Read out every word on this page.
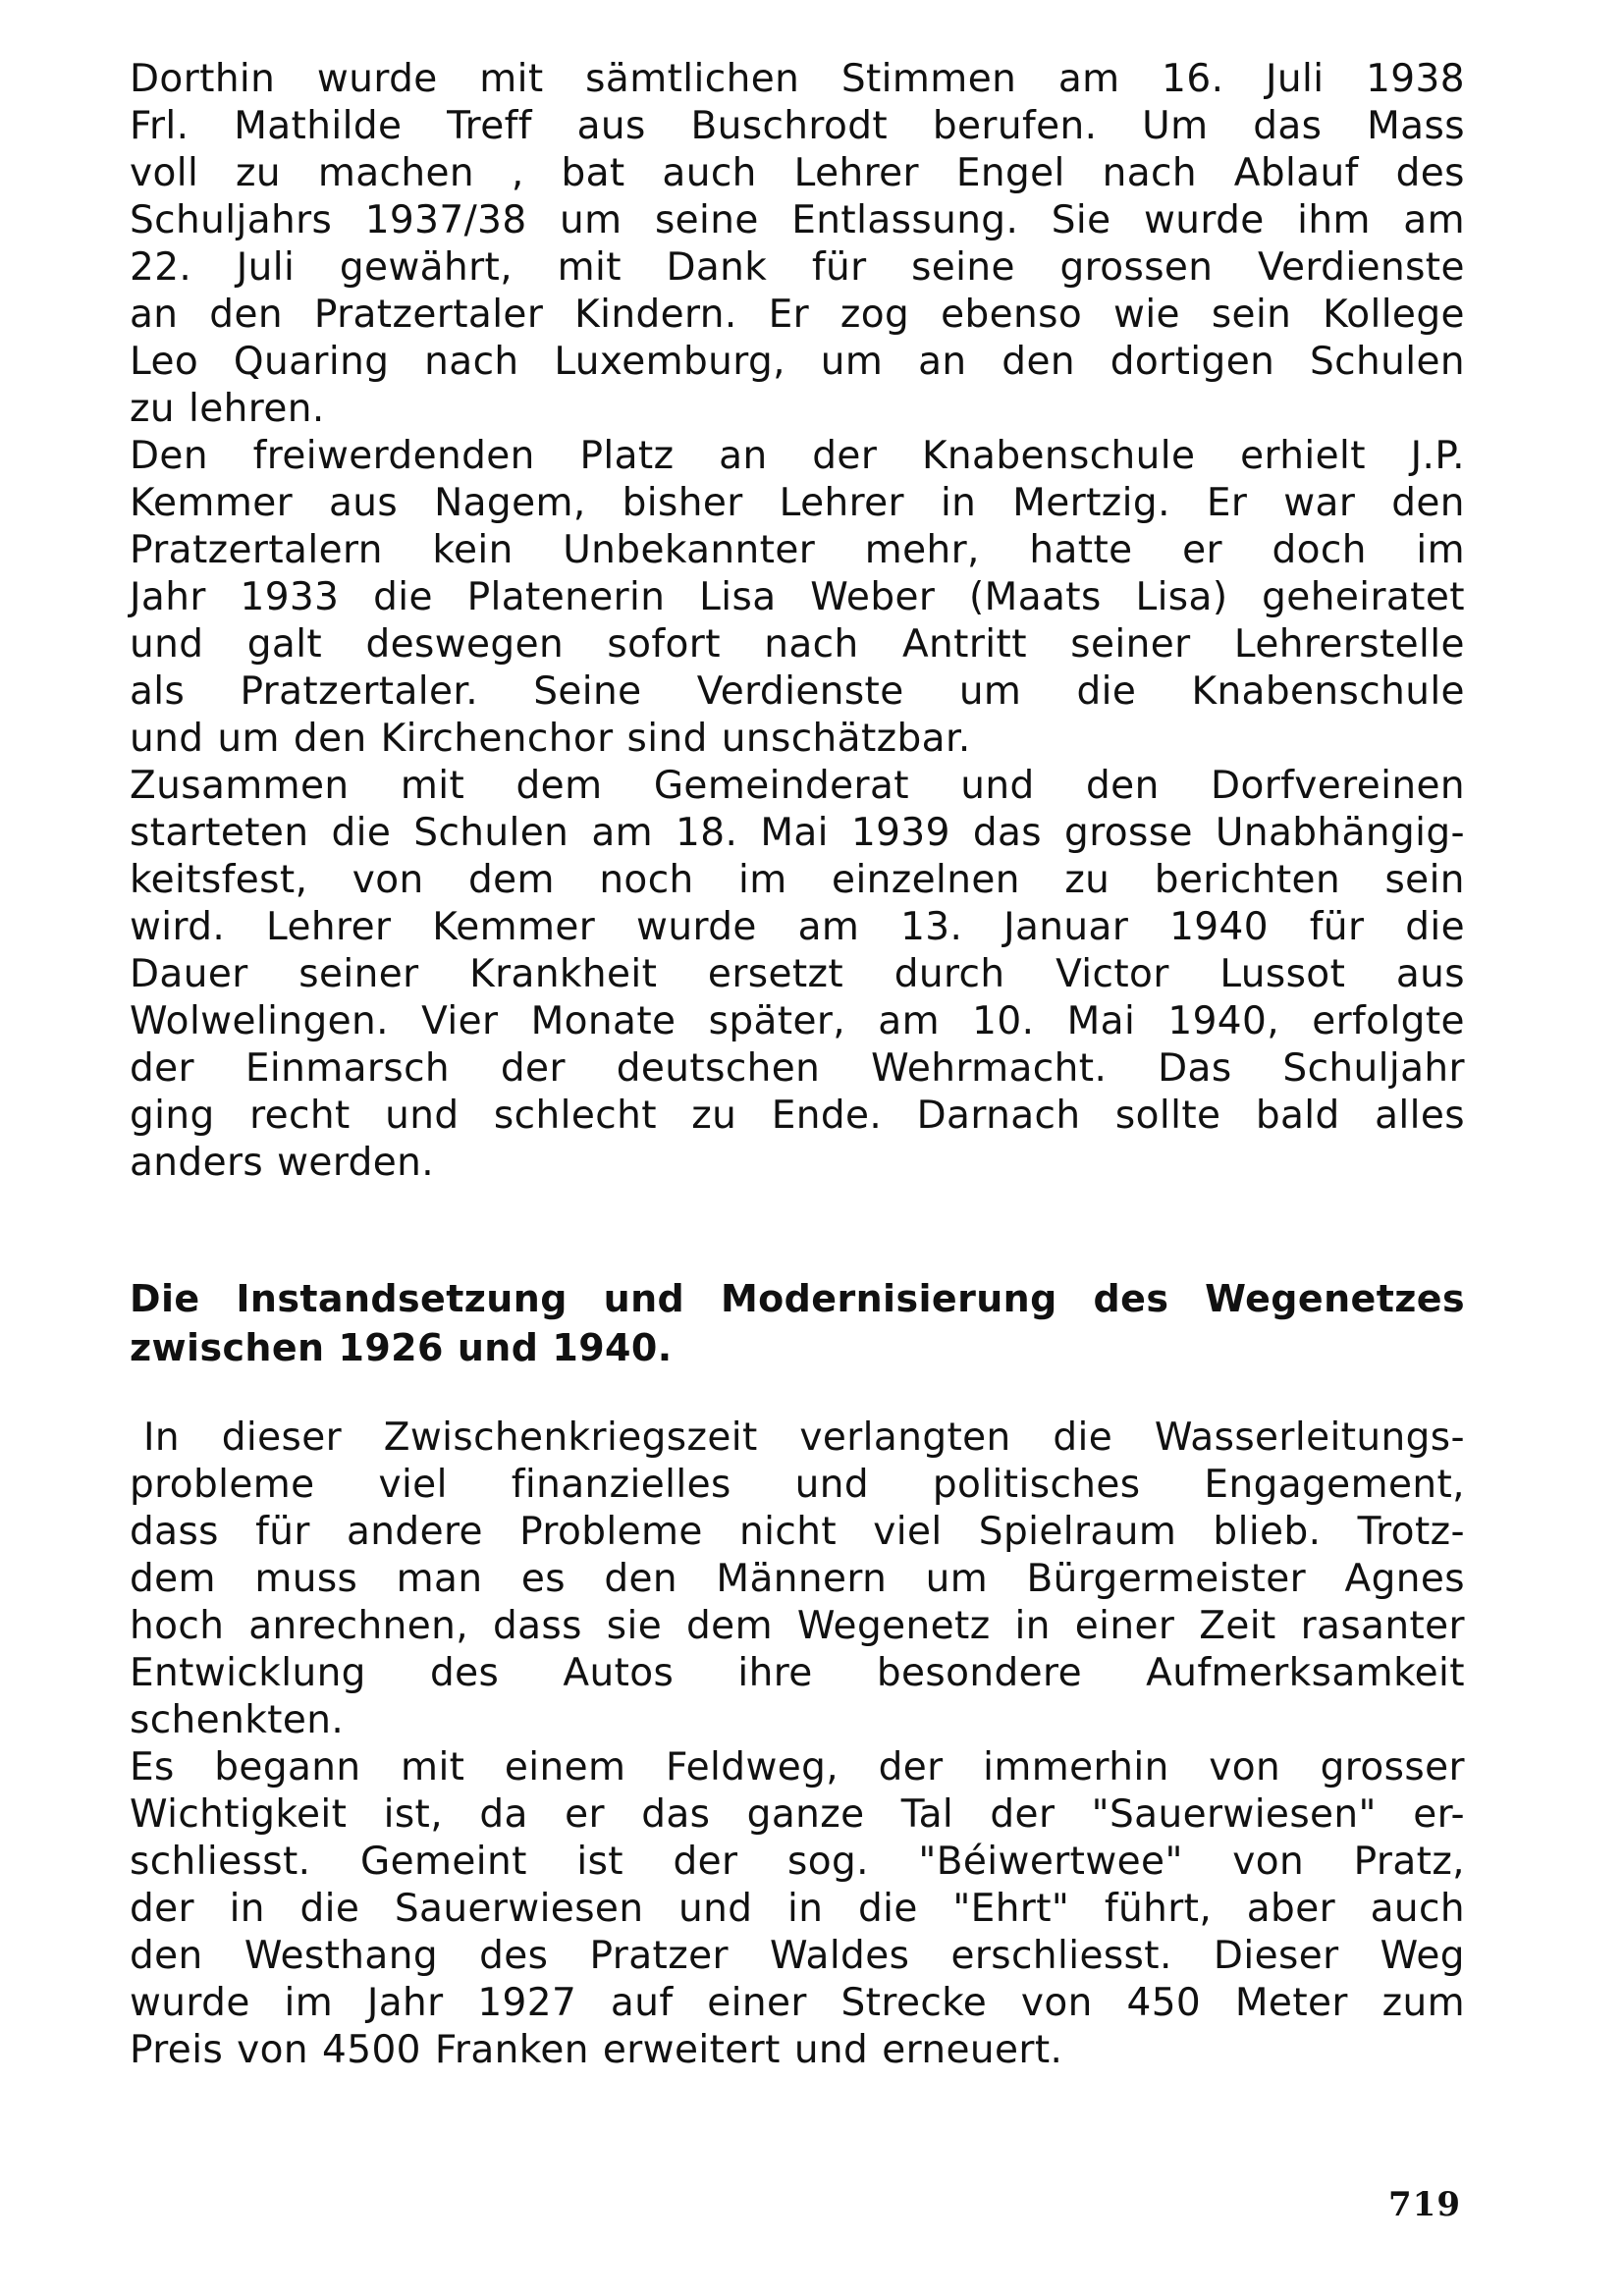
Dorthin wurde mit sämtlichen Stimmen am 16. Juli 1938
Frl. Mathilde Treff aus Buschrodt berufen. Um das Mass
voll zu machen , bat auch Lehrer Engel nach Ablauf des
Schuljahrs 1937/38 um seine Entlassung. Sie wurde ihm am
22. Juli gewährt, mit Dank für seine grossen Verdienste
an den Pratzertaler Kindern. Er zog ebenso wie sein Kollege
Leo Quaring nach Luxemburg, um an den dortigen Schulen
zu lehren.
Den freiwerdenden Platz an der Knabenschule erhielt J.P.
Kemmer aus Nagem, bisher Lehrer in Mertzig. Er war den
Pratzertalern kein Unbekannter mehr, hatte er doch im
Jahr 1933 die Platenerin Lisa Weber (Maats Lisa) geheiratet
und galt deswegen sofort nach Antritt seiner Lehrerstelle
als Pratzertaler. Seine Verdienste um die Knabenschule
und um den Kirchenchor sind unschätzbar.
Zusammen mit dem Gemeinderat und den Dorfvereinen
starteten die Schulen am 18. Mai 1939 das grosse Unabhängig-
keitsfest, von dem noch im einzelnen zu berichten sein
wird. Lehrer Kemmer wurde am 13. Januar 1940 für die
Dauer seiner Krankheit ersetzt durch Victor Lussot aus
Wolwelingen. Vier Monate später, am 10. Mai 1940, erfolgte
der Einmarsch der deutschen Wehrmacht. Das Schuljahr
ging recht und schlecht zu Ende. Darnach sollte bald alles
anders werden.
Die Instandsetzung und Modernisierung des Wegenetzes
zwischen 1926 und 1940.
In dieser Zwischenkriegszeit verlangten die Wasserleitungs-
probleme viel finanzielles und politisches Engagement,
dass für andere Probleme nicht viel Spielraum blieb. Trotz-
dem muss man es den Männern um Bürgermeister Agnes
hoch anrechnen, dass sie dem Wegenetz in einer Zeit rasanter
Entwicklung des Autos ihre besondere Aufmerksamkeit
schenkten.
Es begann mit einem Feldweg, der immerhin von grosser
Wichtigkeit ist, da er das ganze Tal der "Sauerwiesen" er-
schliesst. Gemeint ist der sog. "Béiwertwee" von Pratz,
der in die Sauerwiesen und in die "Ehrt" führt, aber auch
den Westhang des Pratzer Waldes erschliesst. Dieser Weg
wurde im Jahr 1927 auf einer Strecke von 450 Meter zum
Preis von 4500 Franken erweitert und erneuert.
719
